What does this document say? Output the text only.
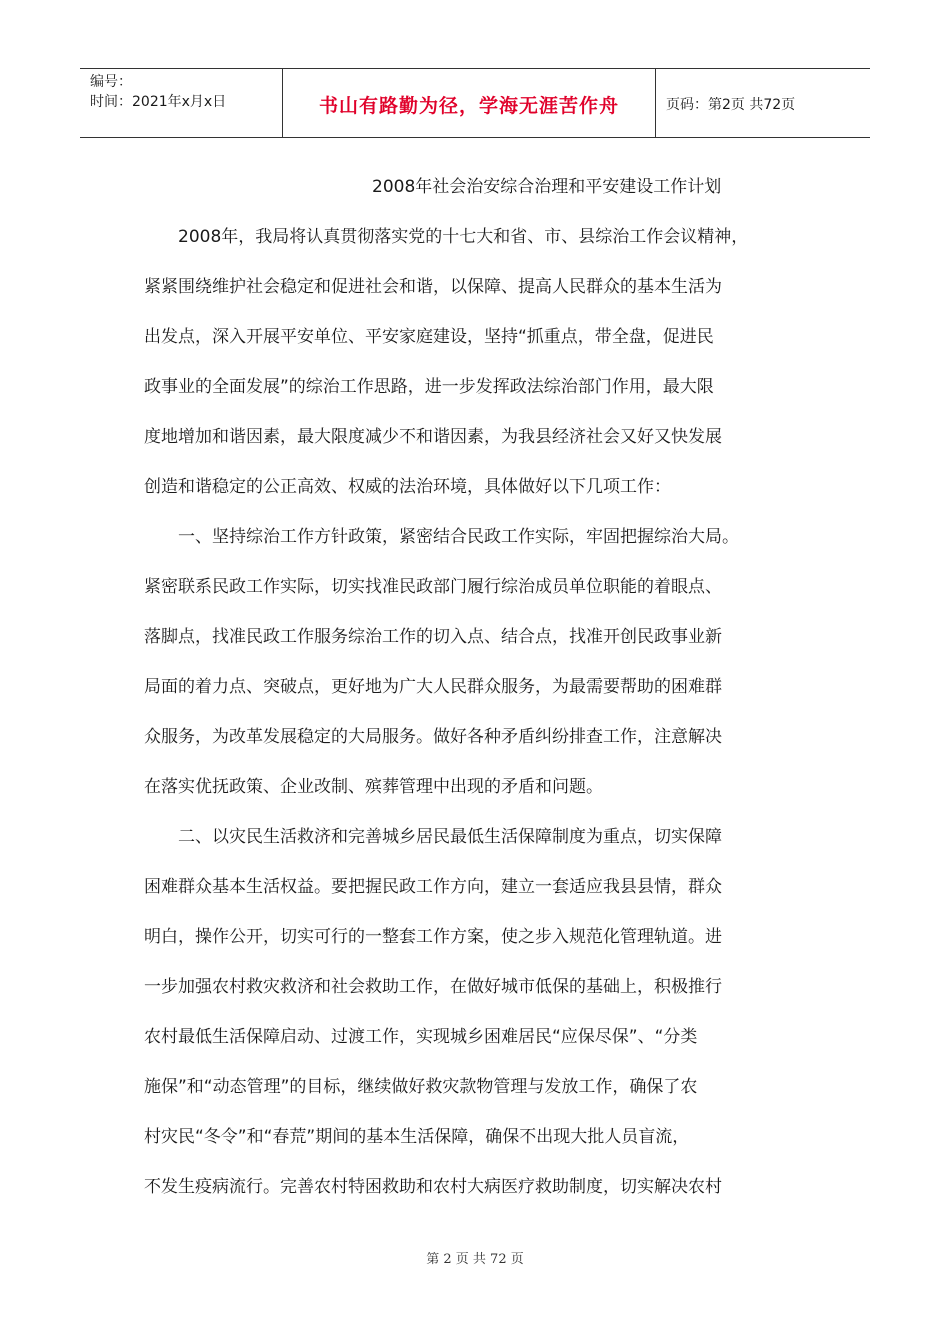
编号：
时间：2021年x月x日	书山有路勤为径，学海无涯苦作舟	页码：第2页 共72页
2008年社会治安综合治理和平安建设工作计划
2008年，我局将认真贯彻落实党的十七大和省、市、县综治工作会议精神，
紧紧围绕维护社会稳定和促进社会和谐，以保障、提高人民群众的基本生活为
出发点，深入开展平安单位、平安家庭建设，坚持“抓重点，带全盘，促进民
政事业的全面发展”的综治工作思路，进一步发挥政法综治部门作用，最大限
度地增加和谐因素，最大限度减少不和谐因素，为我县经济社会又好又快发展
创造和谐稳定的公正高效、权威的法治环境，具体做好以下几项工作：
一、坚持综治工作方针政策，紧密结合民政工作实际，牢固把握综治大局。
紧密联系民政工作实际，切实找准民政部门履行综治成员单位职能的着眼点、
落脚点，找准民政工作服务综治工作的切入点、结合点，找准开创民政事业新
局面的着力点、突破点，更好地为广大人民群众服务，为最需要帮助的困难群
众服务，为改革发展稳定的大局服务。做好各种矛盾纠纷排查工作，注意解决
在落实优抚政策、企业改制、殡葬管理中出现的矛盾和问题。
二、以灾民生活救济和完善城乡居民最低生活保障制度为重点，切实保障
困难群众基本生活权益。要把握民政工作方向，建立一套适应我县县情，群众
明白，操作公开，切实可行的一整套工作方案，使之步入规范化管理轨道。进
一步加强农村救灾救济和社会救助工作，在做好城市低保的基础上，积极推行
农村最低生活保障启动、过渡工作，实现城乡困难居民“应保尽保”、“分类
施保”和“动态管理”的目标，继续做好救灾款物管理与发放工作，确保了农
村灾民“冬令”和“春荒”期间的基本生活保障，确保不出现大批人员盲流，
不发生疫病流行。完善农村特困救助和农村大病医疗救助制度，切实解决农村
第 2 页 共 72 页
